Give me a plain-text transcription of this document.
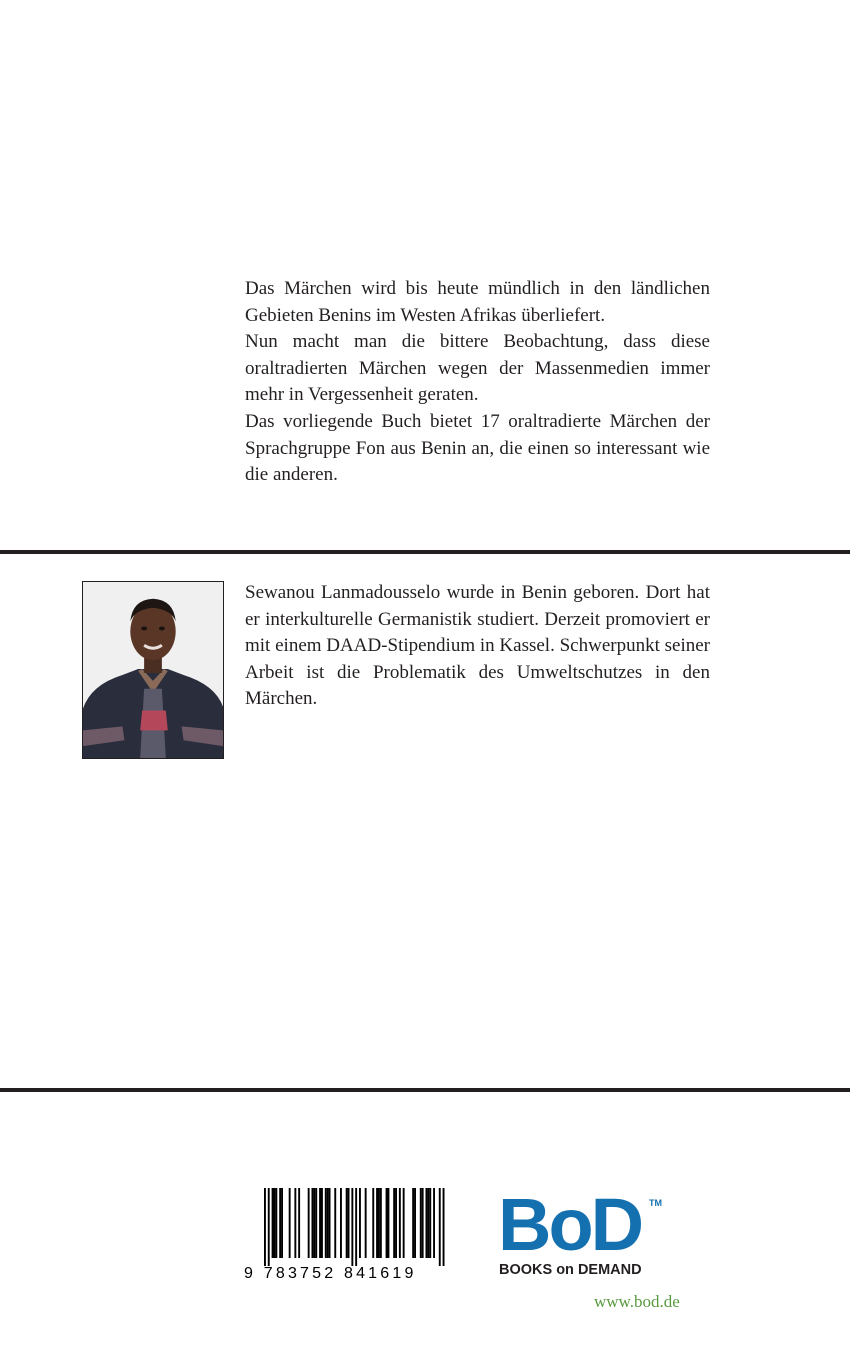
Das Märchen wird bis heute mündlich in den ländlichen Gebieten Benins im Westen Afrikas überliefert.

Nun macht man die bittere Beobachtung, dass diese oraltradierten Märchen wegen der Massenmedien immer mehr in Vergessenheit geraten.

Das vorliegende Buch bietet 17 oraltradierte Märchen der Sprachgruppe Fon aus Benin an, die einen so interessant wie die anderen.

Sewanou Lanmadousselo wurde in Benin geboren. Dort hat er interkulturelle Germanistik studiert. Derzeit promoviert er mit einem DAAD-Stipendium in Kassel. Schwerpunkt seiner Arbeit ist die Problematik des Umweltschutzes in den Märchen.
9 783752 841619
BoD TM
BOOKS on DEMAND
www.bod.de
